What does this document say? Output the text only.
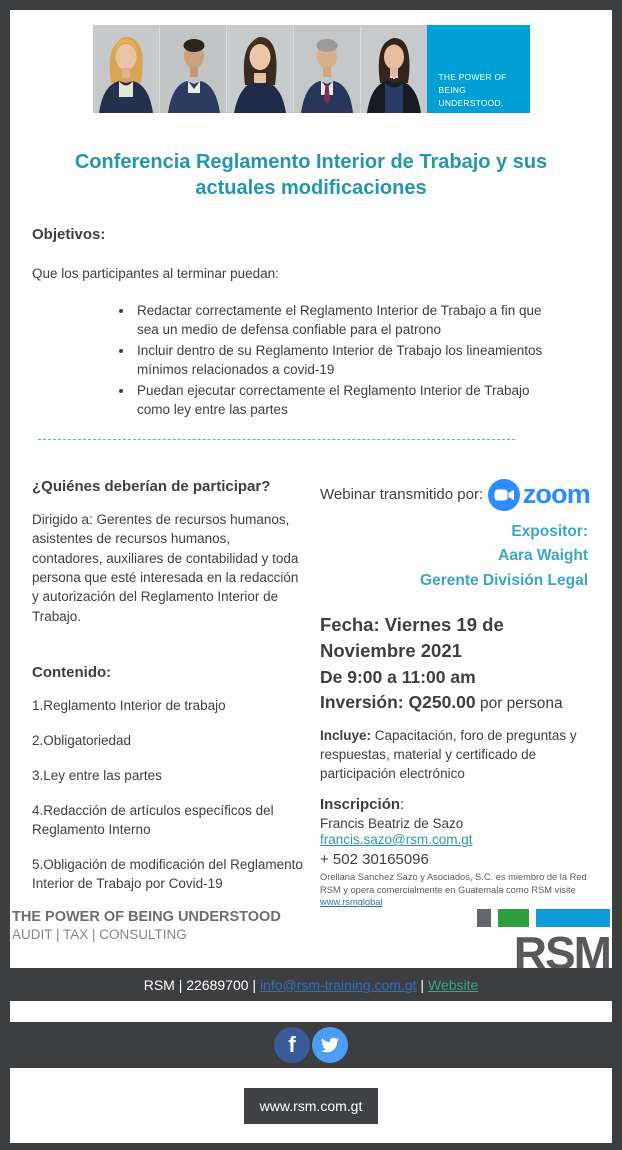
THE POWER OF
BEING UNDERSTOOD.
Conferencia Reglamento Interior de Trabajo y sus actuales modificaciones

Objetivos:

Que los participantes al terminar puedan:

• Redactar correctamente el Reglamento Interior de Trabajo a fin que sea un medio de defensa confiable para el patrono
• Incluir dentro de su Reglamento Interior de Trabajo los lineamientos mínimos relacionados a covid-19
• Puedan ejecutar correctamente el Reglamento Interior de Trabajo como ley entre las partes

¿Quiénes deberían de participar?

Dirigido a: Gerentes de recursos humanos, asistentes de recursos humanos, contadores, auxiliares de contabilidad y toda persona que esté interesada en la redacción y autorización del Reglamento Interior de Trabajo.

Contenido:

1.Reglamento Interior de trabajo

2.Obligatoriedad

3.Ley entre las partes

4.Redacción de artículos específicos del Reglamento Interno

5.Obligación de modificación del Reglamento Interior de Trabajo por Covid-19

Webinar transmitido por: zoom
Expositor:
Aara Waight
Gerente División Legal
Fecha: Viernes 19 de
Noviembre 2021
De 9:00 a 11:00 am
Inversión: Q250.00 por persona

Incluye: Capacitación, foro de preguntas y respuestas, material y certificado de participación electrónico

Inscripción:

Francis Beatriz de Sazo

francis.sazo@rsm.com.gt

+ 502 30165096

Orellana Sanchez Sazo y Asociados, S.C. es miembro de la Red RSM y opera comercialmente en Guatemala como RSM visite www.rsmglobal

THE POWER OF BEING UNDERSTOOD

AUDIT | TAX | CONSULTING	RSM
RSM | 22689700 | info@rsm-training.com.gt | Website
f
www.rsm.com.gt
